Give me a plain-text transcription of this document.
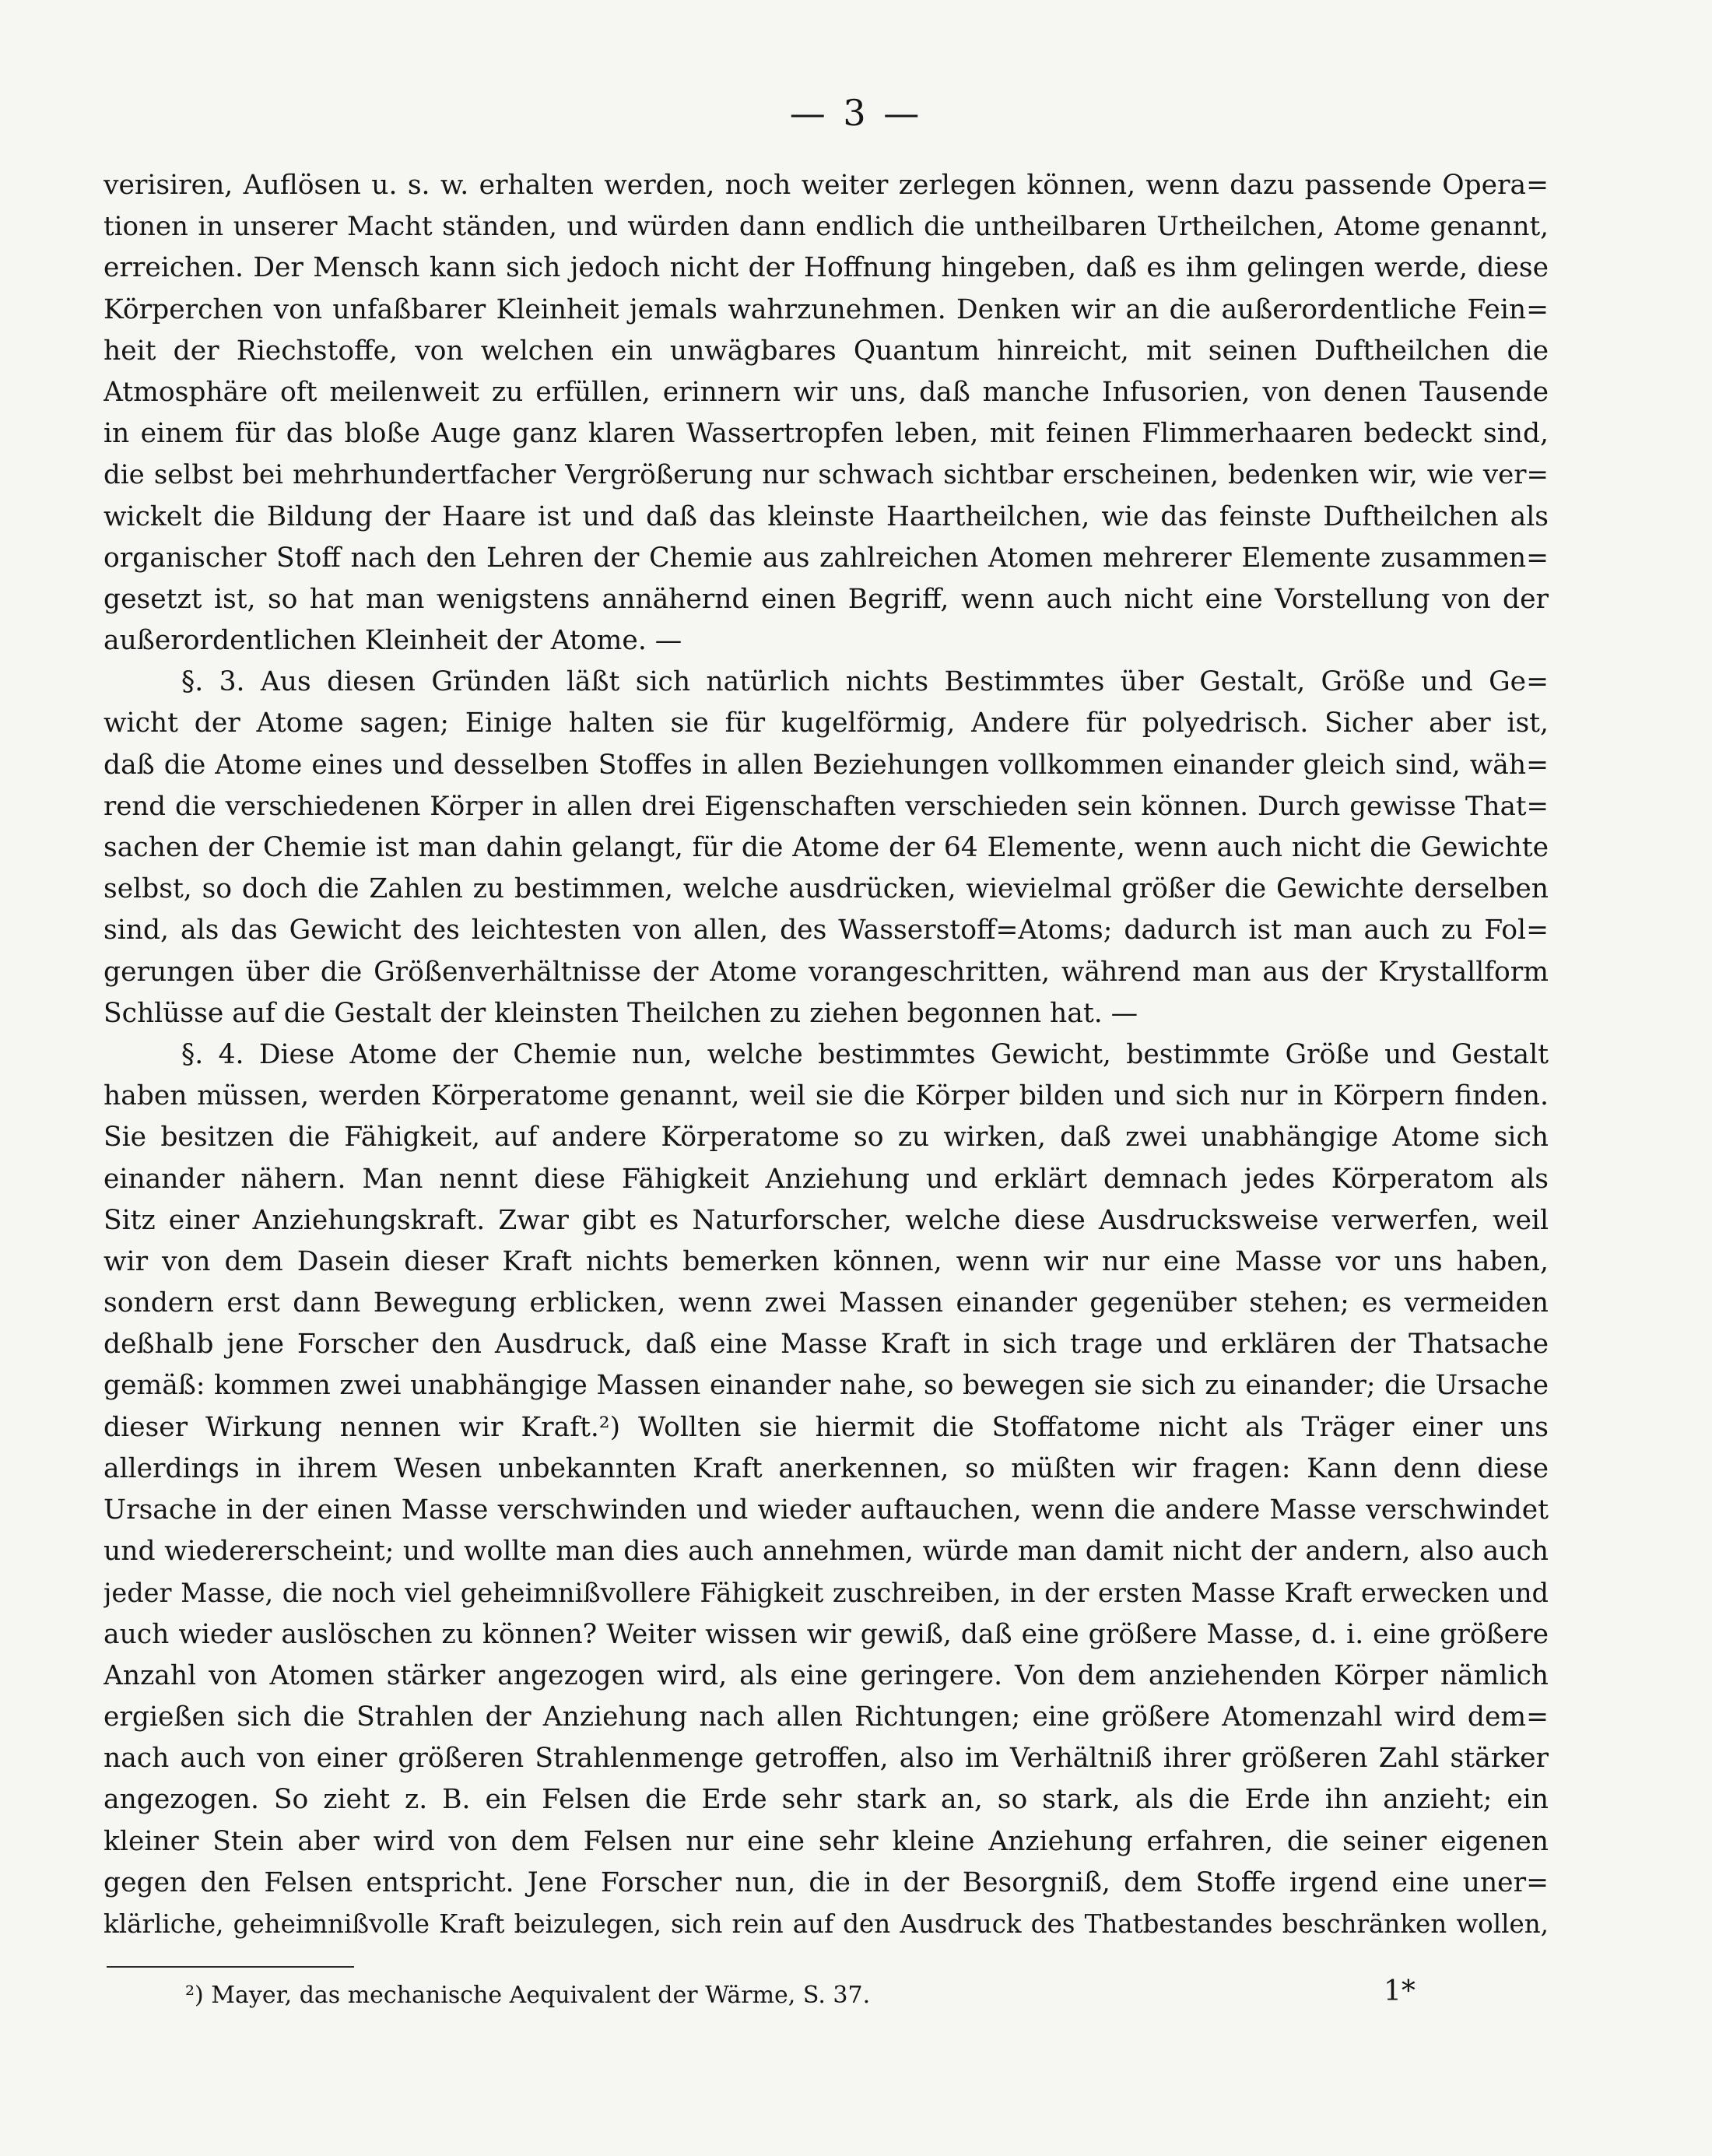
— 3 —
verisiren, Auflösen u. s. w. erhalten werden, noch weiter zerlegen können, wenn dazu passende Opera=
tionen in unserer Macht ständen, und würden dann endlich die untheilbaren Urtheilchen, Atome genannt,
erreichen. Der Mensch kann sich jedoch nicht der Hoffnung hingeben, daß es ihm gelingen werde, diese
Körperchen von unfaßbarer Kleinheit jemals wahrzunehmen. Denken wir an die außerordentliche Fein=
heit der Riechstoffe, von welchen ein unwägbares Quantum hinreicht, mit seinen Duftheilchen die
Atmosphäre oft meilenweit zu erfüllen, erinnern wir uns, daß manche Infusorien, von denen Tausende
in einem für das bloße Auge ganz klaren Wassertropfen leben, mit feinen Flimmerhaaren bedeckt sind,
die selbst bei mehrhundertfacher Vergrößerung nur schwach sichtbar erscheinen, bedenken wir, wie ver=
wickelt die Bildung der Haare ist und daß das kleinste Haartheilchen, wie das feinste Duftheilchen als
organischer Stoff nach den Lehren der Chemie aus zahlreichen Atomen mehrerer Elemente zusammen=
gesetzt ist, so hat man wenigstens annähernd einen Begriff, wenn auch nicht eine Vorstellung von der
außerordentlichen Kleinheit der Atome. —
§. 3. Aus diesen Gründen läßt sich natürlich nichts Bestimmtes über Gestalt, Größe und Ge=
wicht der Atome sagen; Einige halten sie für kugelförmig, Andere für polyedrisch. Sicher aber ist,
daß die Atome eines und desselben Stoffes in allen Beziehungen vollkommen einander gleich sind, wäh=
rend die verschiedenen Körper in allen drei Eigenschaften verschieden sein können. Durch gewisse That=
sachen der Chemie ist man dahin gelangt, für die Atome der 64 Elemente, wenn auch nicht die Gewichte
selbst, so doch die Zahlen zu bestimmen, welche ausdrücken, wievielmal größer die Gewichte derselben
sind, als das Gewicht des leichtesten von allen, des Wasserstoff=Atoms; dadurch ist man auch zu Fol=
gerungen über die Größenverhältnisse der Atome vorangeschritten, während man aus der Krystallform
Schlüsse auf die Gestalt der kleinsten Theilchen zu ziehen begonnen hat. —
§. 4. Diese Atome der Chemie nun, welche bestimmtes Gewicht, bestimmte Größe und Gestalt
haben müssen, werden Körperatome genannt, weil sie die Körper bilden und sich nur in Körpern finden.
Sie besitzen die Fähigkeit, auf andere Körperatome so zu wirken, daß zwei unabhängige Atome sich
einander nähern. Man nennt diese Fähigkeit Anziehung und erklärt demnach jedes Körperatom als
Sitz einer Anziehungskraft. Zwar gibt es Naturforscher, welche diese Ausdrucksweise verwerfen, weil
wir von dem Dasein dieser Kraft nichts bemerken können, wenn wir nur eine Masse vor uns haben,
sondern erst dann Bewegung erblicken, wenn zwei Massen einander gegenüber stehen; es vermeiden
deßhalb jene Forscher den Ausdruck, daß eine Masse Kraft in sich trage und erklären der Thatsache
gemäß: kommen zwei unabhängige Massen einander nahe, so bewegen sie sich zu einander; die Ursache
dieser Wirkung nennen wir Kraft.²) Wollten sie hiermit die Stoffatome nicht als Träger einer uns
allerdings in ihrem Wesen unbekannten Kraft anerkennen, so müßten wir fragen: Kann denn diese
Ursache in der einen Masse verschwinden und wieder auftauchen, wenn die andere Masse verschwindet
und wiedererscheint; und wollte man dies auch annehmen, würde man damit nicht der andern, also auch
jeder Masse, die noch viel geheimnißvollere Fähigkeit zuschreiben, in der ersten Masse Kraft erwecken und
auch wieder auslöschen zu können? Weiter wissen wir gewiß, daß eine größere Masse, d. i. eine größere
Anzahl von Atomen stärker angezogen wird, als eine geringere. Von dem anziehenden Körper nämlich
ergießen sich die Strahlen der Anziehung nach allen Richtungen; eine größere Atomenzahl wird dem=
nach auch von einer größeren Strahlenmenge getroffen, also im Verhältniß ihrer größeren Zahl stärker
angezogen. So zieht z. B. ein Felsen die Erde sehr stark an, so stark, als die Erde ihn anzieht; ein
kleiner Stein aber wird von dem Felsen nur eine sehr kleine Anziehung erfahren, die seiner eigenen
gegen den Felsen entspricht. Jene Forscher nun, die in der Besorgniß, dem Stoffe irgend eine uner=
klärliche, geheimnißvolle Kraft beizulegen, sich rein auf den Ausdruck des Thatbestandes beschränken wollen,
²) Mayer, das mechanische Aequivalent der Wärme, S. 37.	1*
